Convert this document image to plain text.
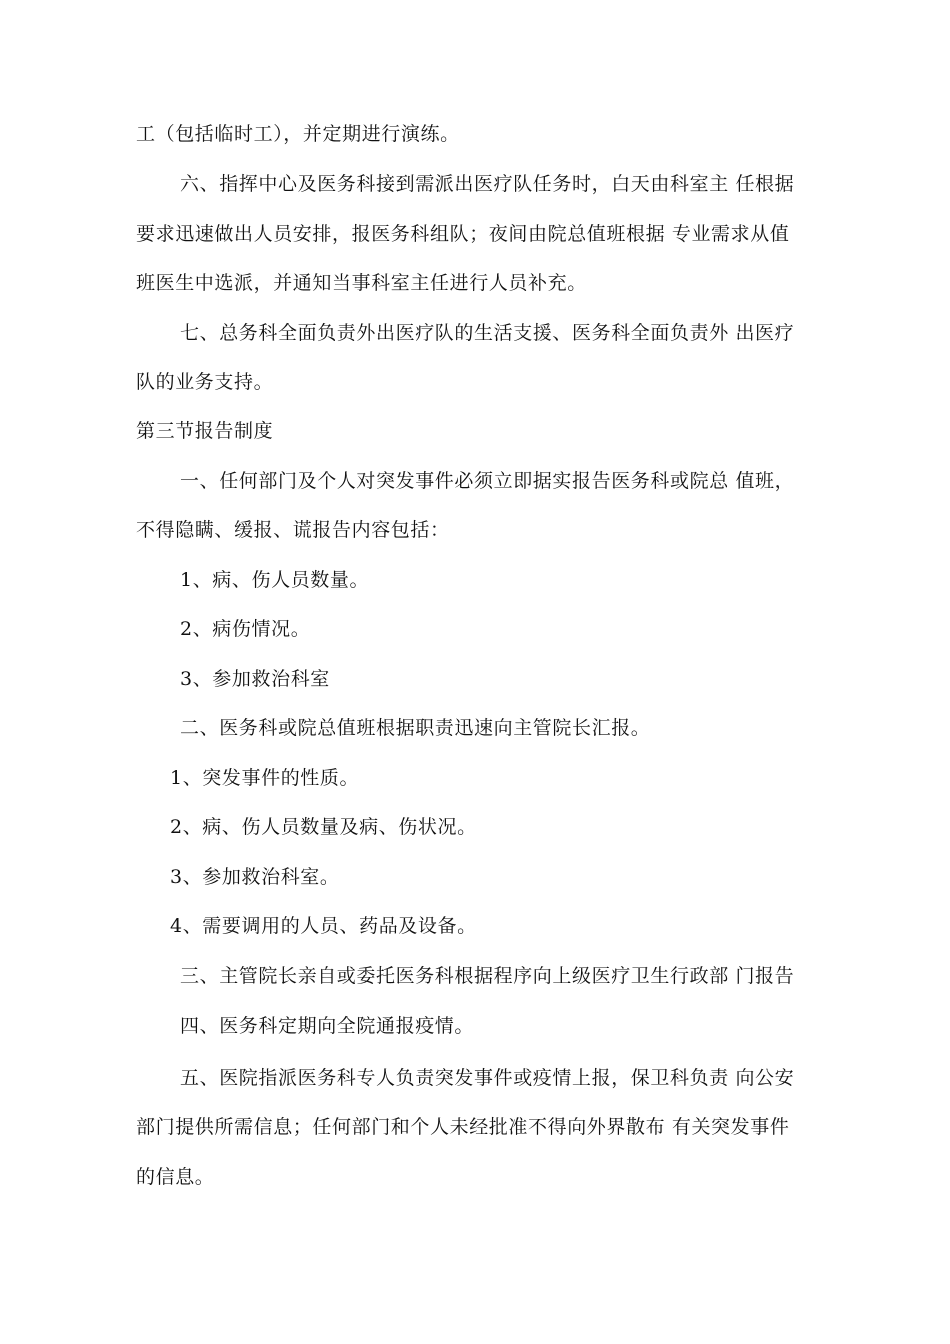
工（包括临时工），并定期进行演练。
六、指挥中心及医务科接到需派出医疗队任务时，白天由科室主 任根据
要求迅速做出人员安排，报医务科组队；夜间由院总值班根据 专业需求从值
班医生中选派，并通知当事科室主任进行人员补充。
七、总务科全面负责外出医疗队的生活支援、医务科全面负责外 出医疗
队的业务支持。
第三节报告制度
一、任何部门及个人对突发事件必须立即据实报告医务科或院总 值班，
不得隐瞒、缓报、谎报告内容包括：
1、病、伤人员数量。
2、病伤情况。
3、参加救治科室
二、医务科或院总值班根据职责迅速向主管院长汇报。
1、突发事件的性质。
2、病、伤人员数量及病、伤状况。
3、参加救治科室。
4、需要调用的人员、药品及设备。
三、主管院长亲自或委托医务科根据程序向上级医疗卫生行政部 门报告
四、医务科定期向全院通报疫情。
五、医院指派医务科专人负责突发事件或疫情上报，保卫科负责 向公安
部门提供所需信息；任何部门和个人未经批准不得向外界散布 有关突发事件
的信息。
